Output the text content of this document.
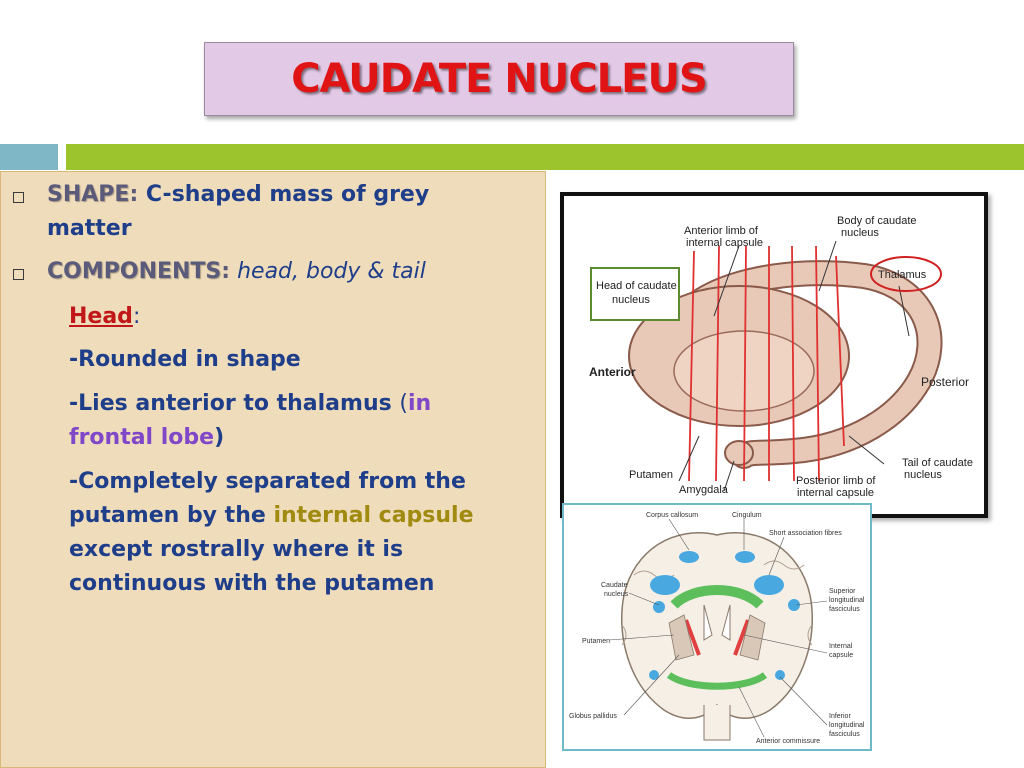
CAUDATE NUCLEUS
SHAPE: C-shaped mass of grey
matter
COMPONENTS: head, body & tail
Head:
-Rounded in shape
-Lies anterior to thalamus (in
frontal lobe)
-Completely separated from the
putamen by the internal capsule
except rostrally where it is
continuous with the putamen
Head of caudate
nucleus
Thalamus
Anterior limb of
internal capsule
Body of caudate
nucleus
Anterior
Posterior
Putamen
Amygdala
Posterior limb of
internal capsule
Tail of caudate
nucleus
Corpus callosum	Cingulum
Short association fibres
Caudate
nucleus	Superior
longitudinal
fasciculus
Putamen
Internal
capsule
Globus pallidus	Inferior
longitudinal
fasciculus
Anterior commissure
